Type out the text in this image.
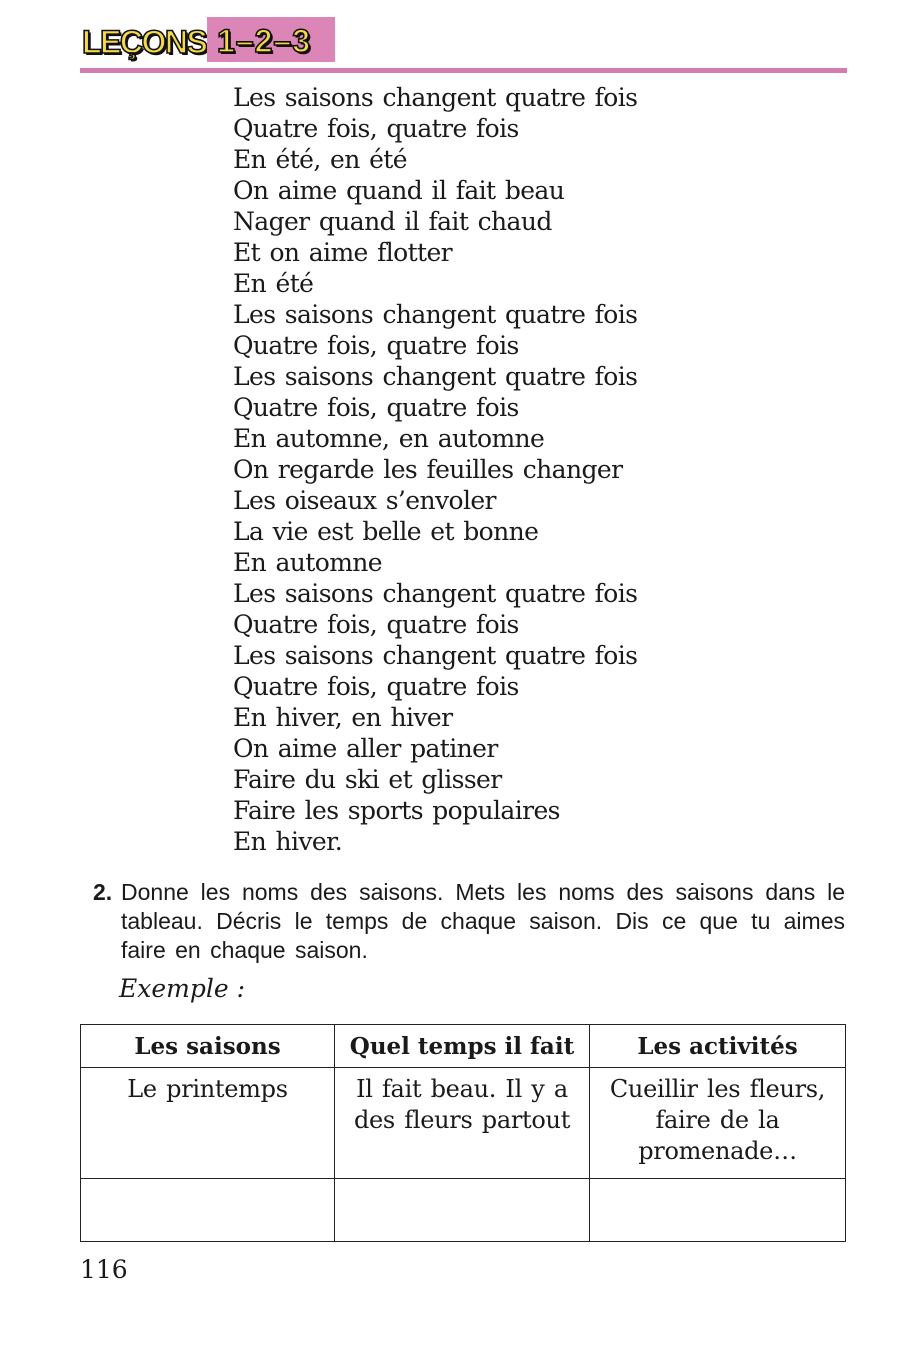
LEÇONS 1–2–3
Les saisons changent quatre fois
Quatre fois, quatre fois
En été, en été
On aime quand il fait beau
Nager quand il fait chaud
Et on aime flotter
En été
Les saisons changent quatre fois
Quatre fois, quatre fois
Les saisons changent quatre fois
Quatre fois, quatre fois
En automne, en automne
On regarde les feuilles changer
Les oiseaux s’envoler
La vie est belle et bonne
En automne
Les saisons changent quatre fois
Quatre fois, quatre fois
Les saisons changent quatre fois
Quatre fois, quatre fois
En hiver, en hiver
On aime aller patiner
Faire du ski et glisser
Faire les sports populaires
En hiver.
2. Donne les noms des saisons. Mets les noms des saisons dans le tableau. Décris le temps de chaque saison. Dis ce que tu aimes faire en chaque saison.

Exemple :

Les saisons	Quel temps il fait	Les activités
Le printemps	Il fait beau. Il y a des fleurs partout	Cueillir les fleurs, faire de la promenade…

116
